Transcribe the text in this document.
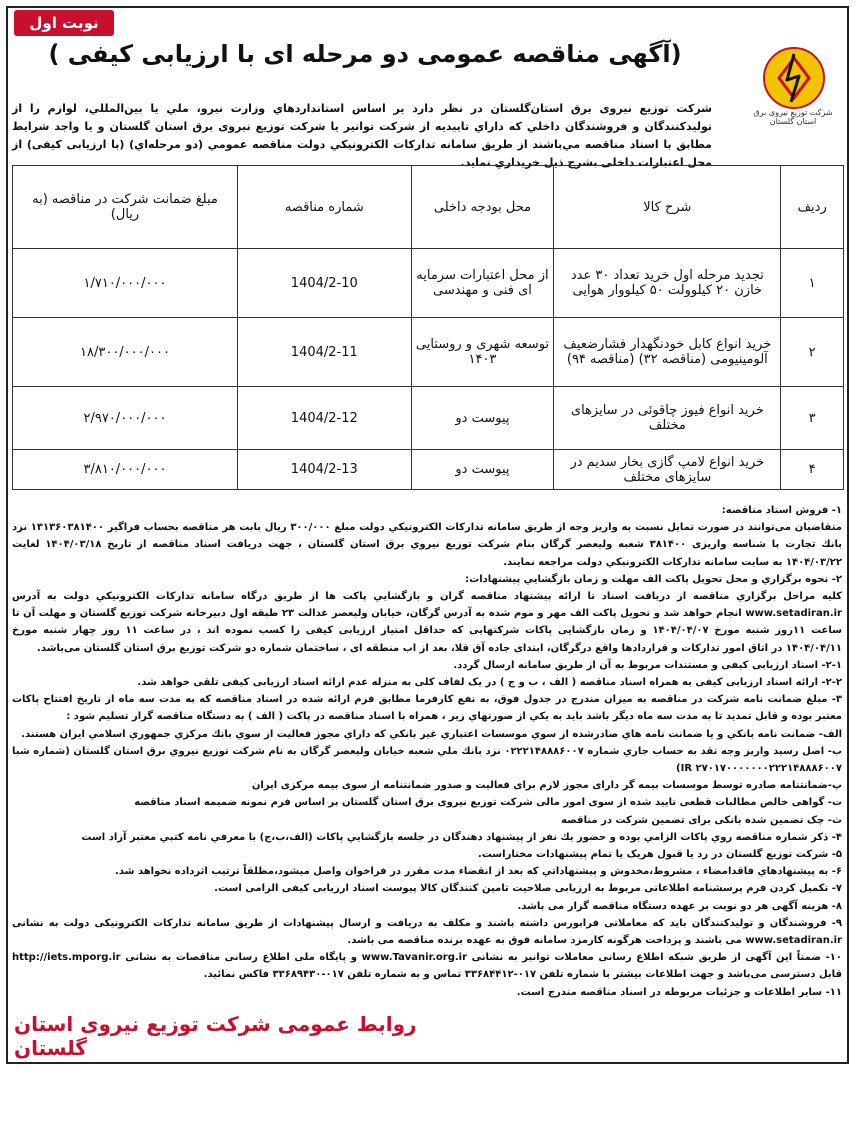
نوبت اول
(آگهی مناقصه عمومی دو مرحله ای با ارزیابی کیفی )
شرکت توزیع نیروی برق استان گلستان
شرکت توزیع نیروی برق استان‌گلستان در نظر دارد بر اساس استانداردهاي وزارت نيرو، ملي يا بين‌المللي، لوازم را از توليدكنندگان و فروشندگان داخلي كه داراي تاييديه از شركت توانير يا شرکت توزیع نیروی برق استان گلستان و يا واجد شرايط مطابق با اسناد مناقصه مي‌باشند از طریق سامانه تداركات الكترونيكي دولت مناقصه عمومي (دو مرحله‌اي) (با ارزیابی کیفی) از محل اعتبارات داخلی بشرح ذيل خريداري نمايد.
ردیف	شرح کالا	محل بودجه داخلی	شماره مناقصه	مبلغ ضمانت شرکت در مناقصه (به ریال)
۱	تجدید مرحله اول خرید تعداد ۳۰ عدد خازن ۲۰ کیلوولت ۵۰ کیلووار هوایی	از محل اعتبارات سرمایه ای فنی و مهندسی	1404/2-10	۱/۷۱۰/۰۰۰/۰۰۰
۲	خرید انواع کابل خودنگهدار فشارضعیف آلومینیومی (مناقصه ۳۲) (مناقصه ۹۴)	توسعه شهری و روستایی ۱۴۰۳	1404/2-11	۱۸/۳۰۰/۰۰۰/۰۰۰
۳	خرید انواع فیوز چاقوئی در سایزهای مختلف	پیوست دو	1404/2-12	۲/۹۷۰/۰۰۰/۰۰۰
۴	خرید انواع لامپ گازی بخار سدیم در سایزهای مختلف	پیوست دو	1404/2-13	۳/۸۱۰/۰۰۰/۰۰۰

۱- فروش اسناد مناقصه:

متقاضیان می‌توانند در صورت تمایل نسبت به واریز وجه از طريق سامانه تداركات الكترونيكي دولت مبلغ ۳۰۰/۰۰۰ ريال بابت هر مناقصه بحساب فراگیر ۱۳۱۳۶۰۳۸۱۴۰۰ نزد بانك تجارت با شناسه واریزی ۳۸۱۴۰۰ شعبه ولیعصر گرگان بنام شركت توزيع نيروي برق استان گلستان ، جهت دریافت اسناد مناقصه از تاریخ ۱۴۰۴/۰۳/۱۸ لغایت ۱۴۰۴/۰۳/۲۲ به سایت سامانه تداركات الكترونيكي دولت مراجعه نمايند.

۲- نحوه برگزاري و محل تحويل پاكت الف مهلت و زمان بازگشايي پيشنهادات:

كليه مراحل برگزاري مناقصه از دريافت اسناد تا ارائه پيشنهاد مناقصه گران و بازگشايي پاكت ها از طريق درگاه سامانه تداركات الكترونيكي دولت به آدرس www.setadiran.ir انجام خواهد شد و تحويل پاکت الف مهر و موم شده به آدرس گرگان، خیابان ولیعصر عدالت ۲۳ طبقه اول دبیرخانه شرکت توزیع گلستان و مهلت آن تا ساعت ۱۱روز شنبه مورخ ۱۴۰۴/۰۴/۰۷ و زمان بازگشایی پاکات شرکتهایی که حداقل امتیاز ارزیابی کیفی را کسب نموده اند ، در ساعت ۱۱ روز چهار شنبه مورخ ۱۴۰۴/۰۴/۱۱ در اتاق امور تدارکات و قراردادها واقع درگرگان، ابتدای جاده آق قلا، بعد از اب منطقه ای ، ساختمان شماره دو شرکت توزیع برق استان گلستان می‌باشد.

۲-۱- اسناد ارزیابی کیفی و مستندات مربوط به آن از طریق سامانه ارسال گردد.

۲-۲- ارائه اسناد ارزیابی کیفی به همراه اسناد مناقصه ( الف ، ب و ج ) در یک لفاف کلی به منزله عدم ارائه اسناد ارزیابی کیفی تلقی خواهد شد.

۳- مبلغ ضمانت نامه شركت در مناقصه به ميزان مندرج در جدول فوق، به نفع كارفرما مطابق فرم ارائه شده در اسناد مناقصه كه به مدت سه ماه از تاريخ افتتاح پاكات معتبر بوده و قابل تمدید تا به مدت سه ماه دیگر باشد بايد به يكي از صورتهاي زير ، همراه با اسناد مناقصه در پاكت ( الف ) به دستگاه مناقصه گزار تسليم شود :

الف- ضمانت نامه بانكي و يا ضمانت نامه هاي صادرشده از سوي موسسات اعتباري غير بانكي كه داراي مجوز فعاليت از سوي بانك مركزي جمهوري اسلامي ايران هستند.

ب- اصل رسید واریز وجه نقد به حساب جاري شماره ۰۲۲۲۱۴۸۸۸۶۰۰۷ نزد بانك ملي شعبه خیابان ولیعصر گرگان به نام شركت توزيع نيروي برق استان گلستان (شماره شبا IR ۲۷۰۱۷۰۰۰۰۰۰۰۲۲۲۱۴۸۸۸۶۰۰۷)

پ-ضمانتنامه صادره توسط موسسات بیمه گر دارای مجوز لازم برای فعالیت و صدور ضمانتنامه از سوی بیمه مرکزی ایران

ت- گواهی خالص مطالبات قطعی تایید شده از سوی امور مالی شرکت توزیع نیروی برق استان گلستان بر اساس فرم نمونه ضمیمه اسناد مناقصه

ث- چک تضمین شده بانکی برای تضمین شرکت در مناقصه

۴- ذکر شماره مناقصه روي پاكات الزامي بوده و حضور يك نفر از پيشنهاد دهندگان در جلسه بازگشايي پاكات (الف،ب،ج) با معرفي نامه كتبي معتبر آزاد است

۵- شرکت توزیع گلستان در رد یا قبول هریک یا تمام پیشنهادات مختاراست.

۶- به پيشنهادهاي فاقدامضاء ، مشروط،مخدوش و پيشنهاداتي كه بعد از انقضاء مدت مقرر در فراخوان واصل ميشود،مطلقاً ترتيب اثرداده نخواهد شد.

۷- تکمیل کردن فرم پرسشنامه اطلاعاتی مربوط به ارزیابی صلاحیت تامین کنندگان کالا پیوست اسناد ارزیابی کیفی الزامی است.

۸- هزینه آگهی هر دو نوبت بر عهده دستگاه مناقصه گزار می باشد.

۹- فروشندگان و تولیدکنندگان باید که معاملاتی فرابورس داشته باشند و مکلف به دریافت و ارسال پیشنهادات از طریق سامانه تدارکات الکترونیکی دولت به نشانی www.setadiran.ir می باشند و پرداخت هرگونه کارمزد سامانه فوق به عهده برنده مناقصه می باشد.

۱۰- ضمناً این آگهی از طریق شبکه اطلاع رسانی معاملات توانیر به نشانی www.Tavanir.org.ir و پایگاه ملی اطلاع رسانی مناقصات به نشانی http://iets.mporg.ir قابل دسترسی می‌باشد و جهت اطلاعات بیشتر با شماره تلفن ۰۱۷-۳۳۶۸۴۴۱۲ تماس و به شماره تلفن ۰۱۷-۳۳۶۸۹۴۳۰ فاکس نمائید.

۱۱- سایر اطلاعات و جزئیات مربوطه در اسناد مناقصه مندرج است.

روابط عمومی شرکت توزیع نیروی استان گلستان
